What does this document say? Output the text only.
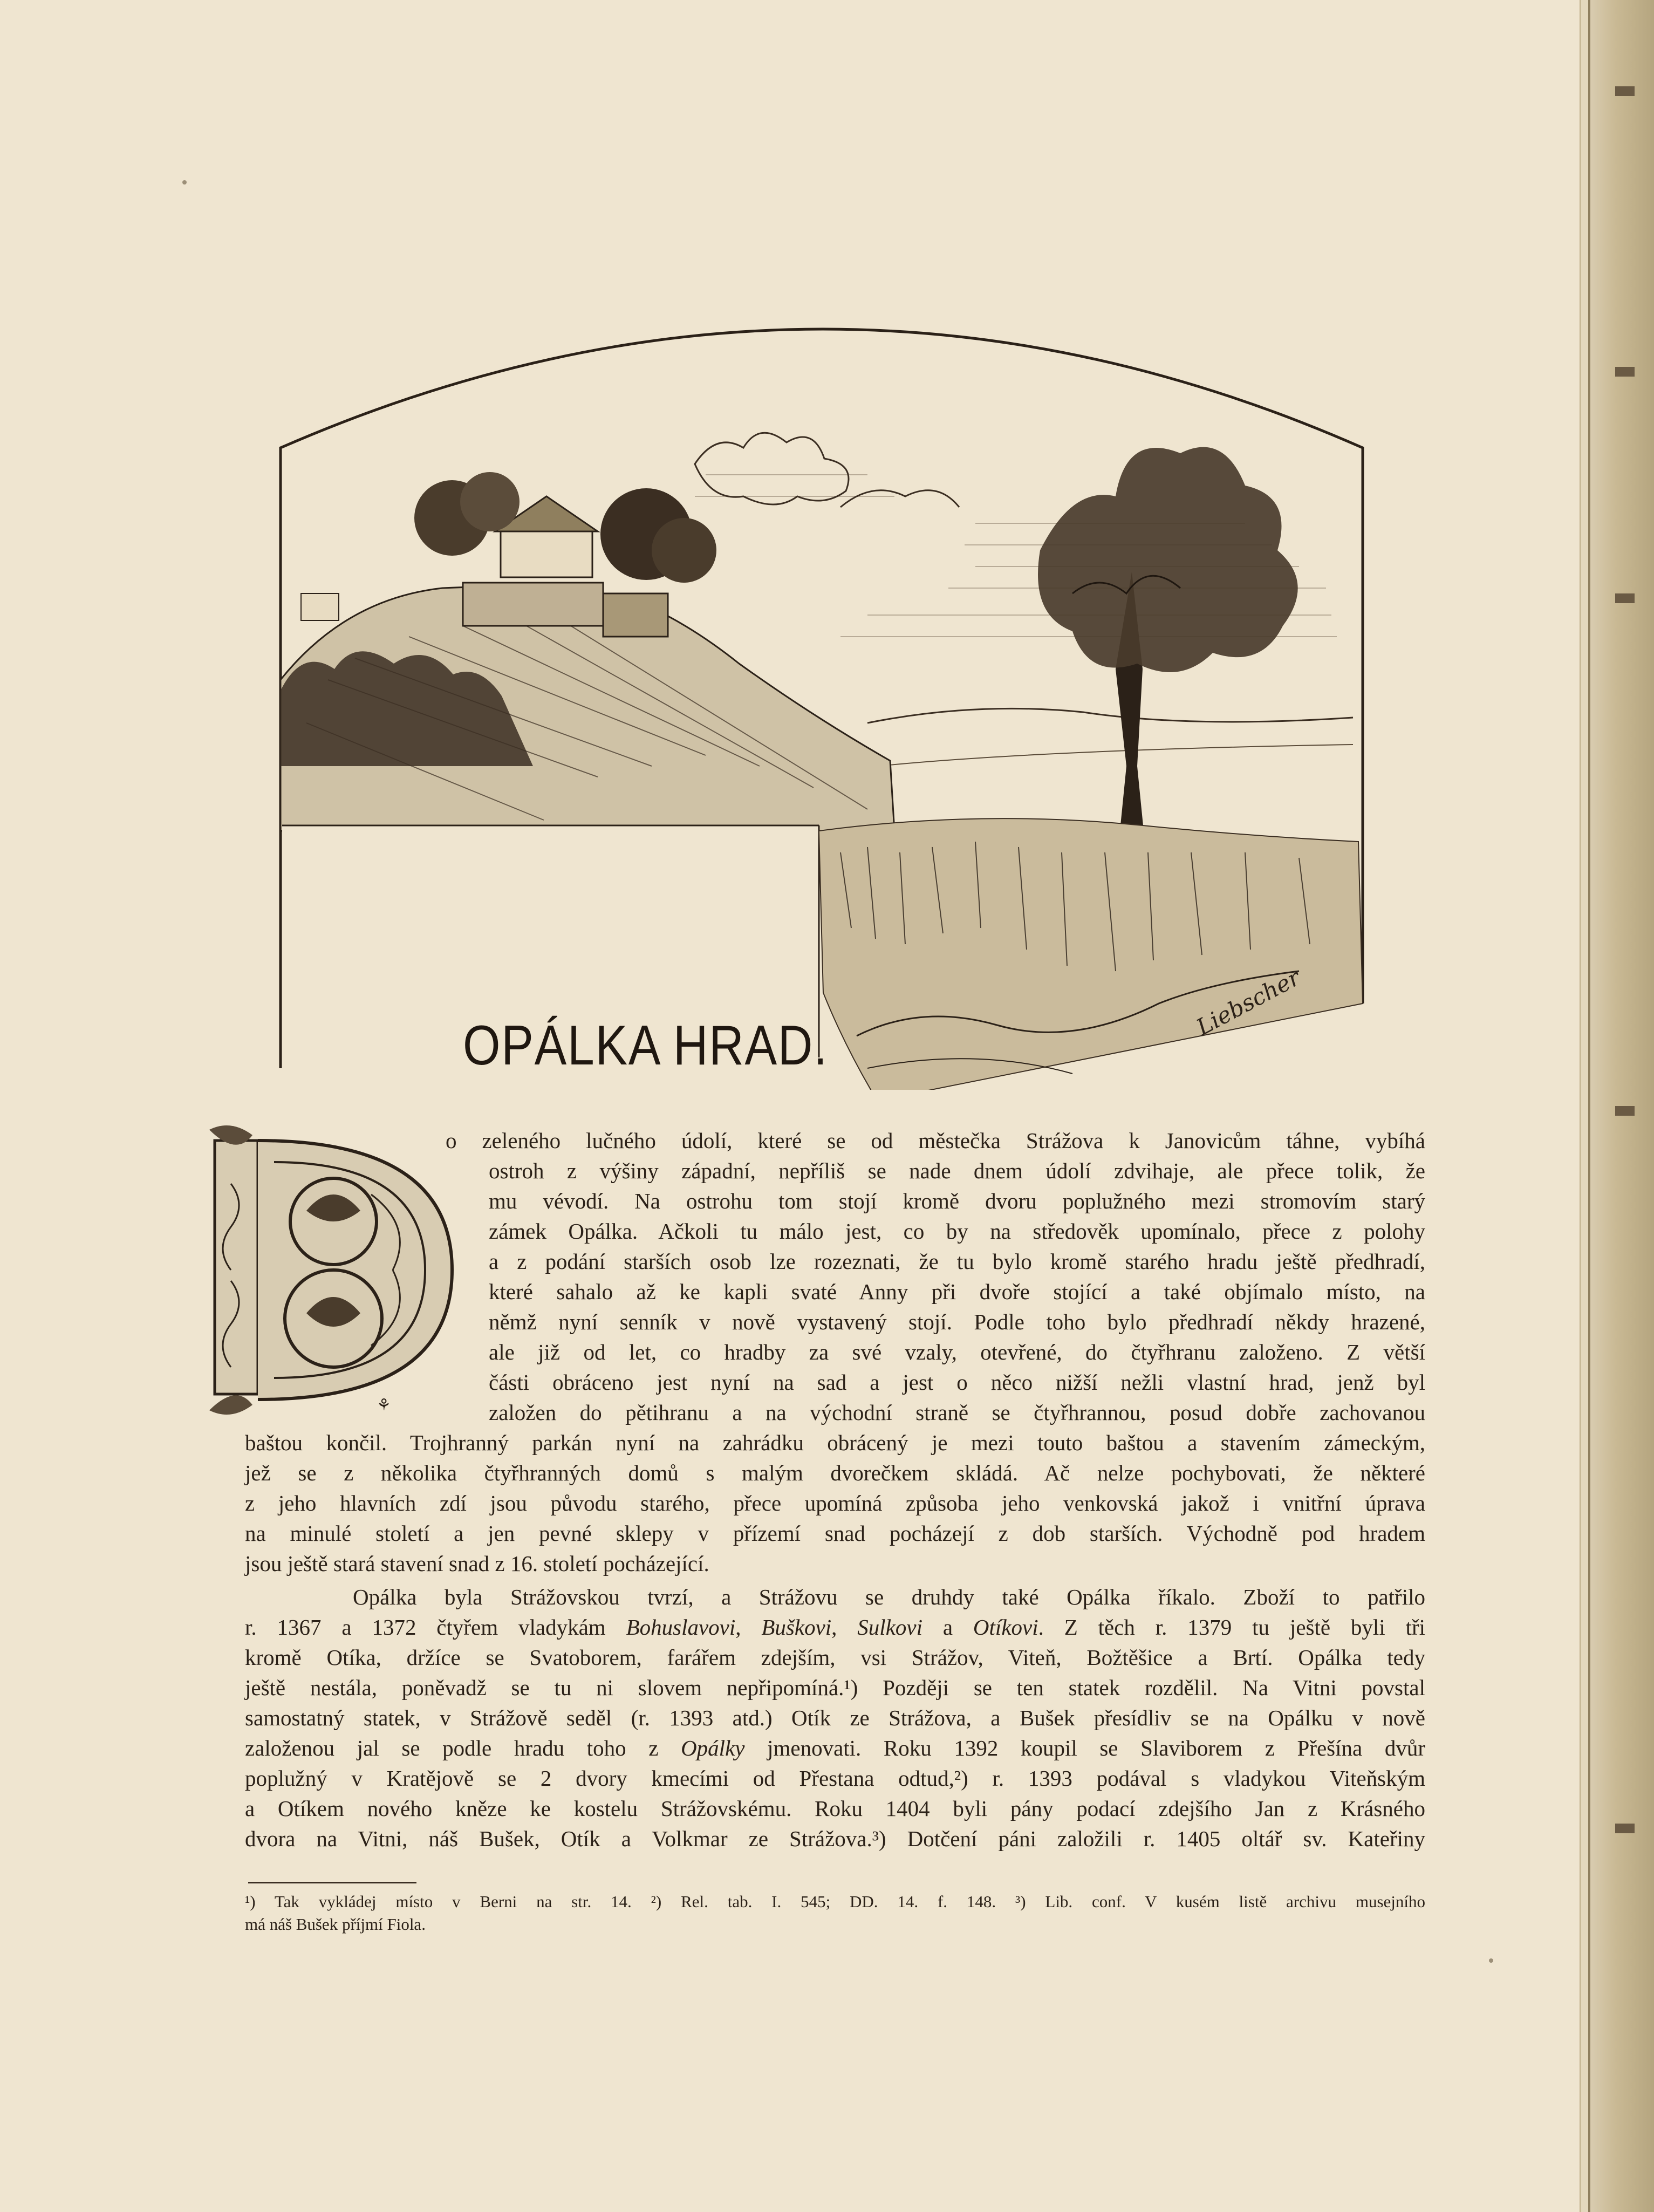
Liebscher
OPÁLKA HRAD.
⚘
o zeleného lučného údolí, které se od městečka Strážova k Janovicům táhne, vybíhá
ostroh z výšiny západní, nepříliš se nade dnem údolí zdvihaje, ale přece tolik, že
mu vévodí. Na ostrohu tom stojí kromě dvoru poplužného mezi stromovím starý
zámek Opálka. Ačkoli tu málo jest, co by na středověk upomínalo, přece z polohy
a z podání starších osob lze rozeznati, že tu bylo kromě starého hradu ještě předhradí,
které sahalo až ke kapli svaté Anny při dvoře stojící a také objímalo místo, na
němž nyní senník v nově vystavený stojí. Podle toho bylo předhradí někdy hrazené,
ale již od let, co hradby za své vzaly, otevřené, do čtyřhranu založeno. Z větší
části obráceno jest nyní na sad a jest o něco nižší nežli vlastní hrad, jenž byl
založen do pětihranu a na východní straně se čtyřhrannou, posud dobře zachovanou
baštou končil. Trojhranný parkán nyní na zahrádku obrácený je mezi touto baštou a stavením zámeckým,
jež se z několika čtyřhranných domů s malým dvorečkem skládá. Ač nelze pochybovati, že některé
z jeho hlavních zdí jsou původu starého, přece upomíná způsoba jeho venkovská jakož i vnitřní úprava
na minulé století a jen pevné sklepy v přízemí snad pocházejí z dob starších. Východně pod hradem
jsou ještě stará stavení snad z 16. století pocházející.
Opálka byla Strážovskou tvrzí, a Strážovu se druhdy také Opálka říkalo. Zboží to patřilo
r. 1367 a 1372 čtyřem vladykám Bohuslavovi, Buškovi, Sulkovi a Otíkovi. Z těch r. 1379 tu ještě byli tři
kromě Otíka, držíce se Svatoborem, farářem zdejším, vsi Strážov, Viteň, Božtěšice a Brtí. Opálka tedy
ještě nestála, poněvadž se tu ni slovem nepřipomíná.¹) Později se ten statek rozdělil. Na Vitni povstal
samostatný statek, v Strážově seděl (r. 1393 atd.) Otík ze Strážova, a Bušek přesídliv se na Opálku v nově
založenou jal se podle hradu toho z Opálky jmenovati. Roku 1392 koupil se Slaviborem z Přešína dvůr
poplužný v Kratějově se 2 dvory kmecími od Přestana odtud,²) r. 1393 podával s vladykou Viteňským
a Otíkem nového kněze ke kostelu Strážovskému. Roku 1404 byli pány podací zdejšího Jan z Krásného
dvora na Vitni, náš Bušek, Otík a Volkmar ze Strážova.³) Dotčení páni založili r. 1405 oltář sv. Kateřiny
¹) Tak vykládej místo v Berni na str. 14. ²) Rel. tab. I. 545; DD. 14. f. 148. ³) Lib. conf. V kusém listě archivu musejního
má náš Bušek příjmí Fiola.
